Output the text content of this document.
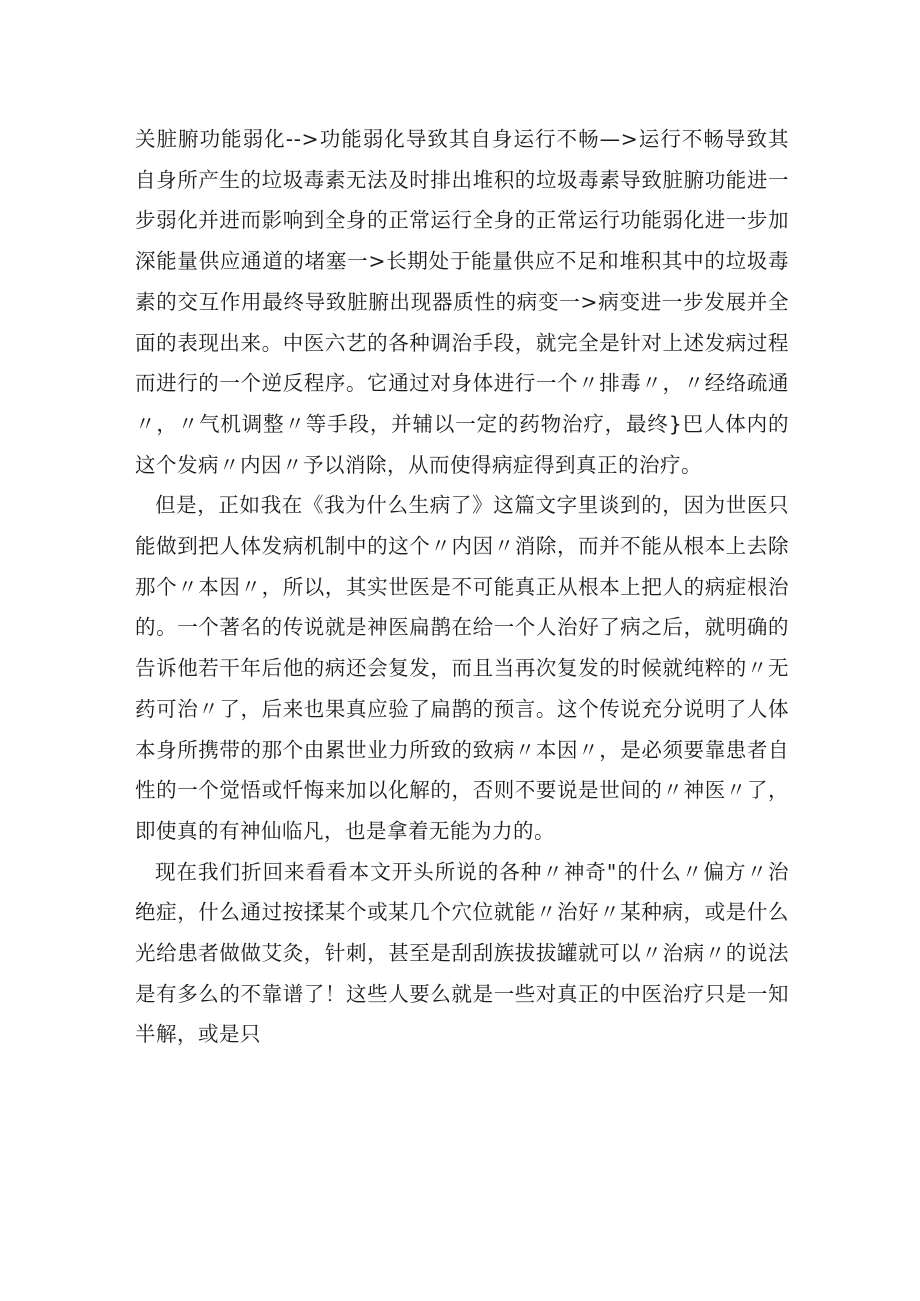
关脏腑功能弱化-->功能弱化导致其自身运行不畅—>运行不畅导致其自身所产生的垃圾毒素无法及时排出堆积的垃圾毒素导致脏腑功能进一步弱化并进而影响到全身的正常运行全身的正常运行功能弱化进一步加深能量供应通道的堵塞一>长期处于能量供应不足和堆积其中的垃圾毒素的交互作用最终导致脏腑出现器质性的病变一>病变进一步发展并全面的表现出来。中医六艺的各种调治手段，就完全是针对上述发病过程而进行的一个逆反程序。它通过对身体进行一个〃排毒〃，〃经络疏通〃，〃气机调整〃等手段，并辅以一定的药物治疗，最终}巴人体内的这个发病〃内因〃予以消除，从而使得病症得到真正的治疗。

但是，正如我在《我为什么生病了》这篇文字里谈到的，因为世医只能做到把人体发病机制中的这个〃内因〃消除，而并不能从根本上去除那个〃本因〃，所以，其实世医是不可能真正从根本上把人的病症根治的。一个著名的传说就是神医扁鹊在给一个人治好了病之后，就明确的告诉他若干年后他的病还会复发，而且当再次复发的时候就纯粹的〃无药可治〃了，后来也果真应验了扁鹊的预言。这个传说充分说明了人体本身所携带的那个由累世业力所致的致病〃本因〃，是必须要靠患者自性的一个觉悟或忏悔来加以化解的，否则不要说是世间的〃神医〃了，即使真的有神仙临凡，也是拿着无能为力的。

现在我们折回来看看本文开头所说的各种〃神奇"的什么〃偏方〃治绝症，什么通过按揉某个或某几个穴位就能〃治好〃某种病，或是什么光给患者做做艾灸，针刺，甚至是刮刮族拔拔罐就可以〃治病〃的说法是有多么的不靠谱了！这些人要么就是一些对真正的中医治疗只是一知半解，或是只
